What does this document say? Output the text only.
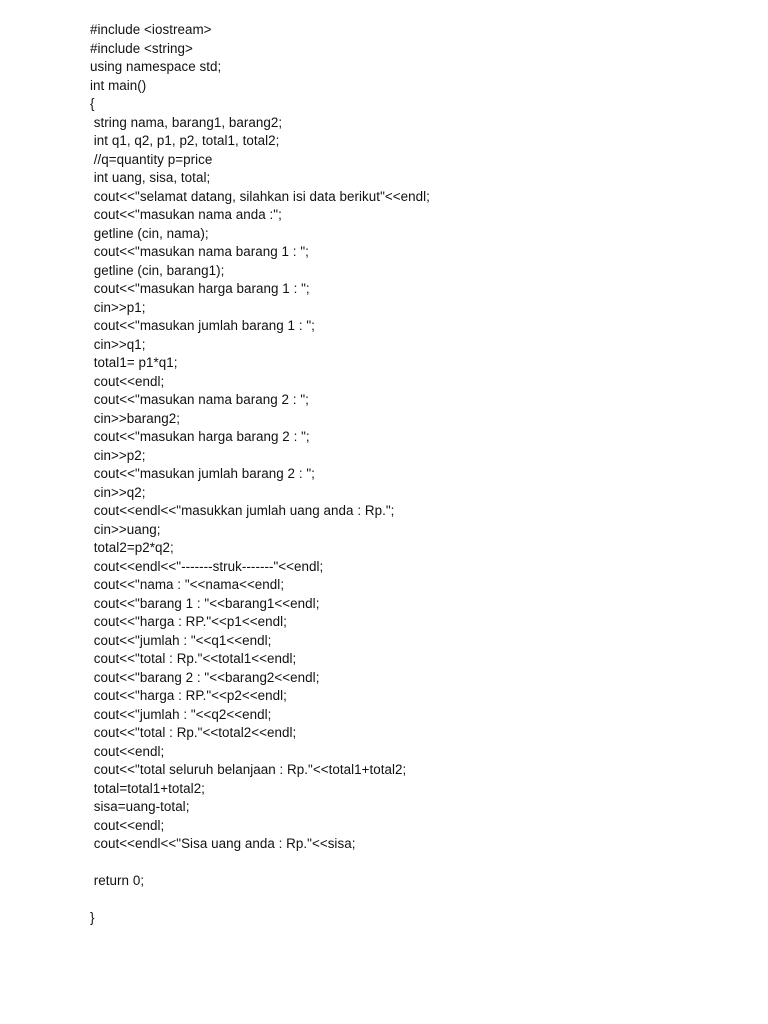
#include <iostream>
#include <string>
using namespace std;
int main()
{
string nama, barang1, barang2;
int q1, q2, p1, p2, total1, total2;
//q=quantity p=price
int uang, sisa, total;
cout<<"selamat datang, silahkan isi data berikut"<<endl;
cout<<"masukan nama anda :";
getline (cin, nama);
cout<<"masukan nama barang 1 : ";
getline (cin, barang1);
cout<<"masukan harga barang 1 : ";
cin>>p1;
cout<<"masukan jumlah barang 1 : ";
cin>>q1;
total1= p1*q1;
cout<<endl;
cout<<"masukan nama barang 2 : ";
cin>>barang2;
cout<<"masukan harga barang 2 : ";
cin>>p2;
cout<<"masukan jumlah barang 2 : ";
cin>>q2;
cout<<endl<<"masukkan jumlah uang anda : Rp.";
cin>>uang;
total2=p2*q2;
cout<<endl<<"-------struk-------"<<endl;
cout<<"nama : "<<nama<<endl;
cout<<"barang 1 : "<<barang1<<endl;
cout<<"harga : RP."<<p1<<endl;
cout<<"jumlah : "<<q1<<endl;
cout<<"total : Rp."<<total1<<endl;
cout<<"barang 2 : "<<barang2<<endl;
cout<<"harga : RP."<<p2<<endl;
cout<<"jumlah : "<<q2<<endl;
cout<<"total : Rp."<<total2<<endl;
cout<<endl;
cout<<"total seluruh belanjaan : Rp."<<total1+total2;
total=total1+total2;
sisa=uang-total;
cout<<endl;
cout<<endl<<"Sisa uang anda : Rp."<<sisa;
return 0;
}
